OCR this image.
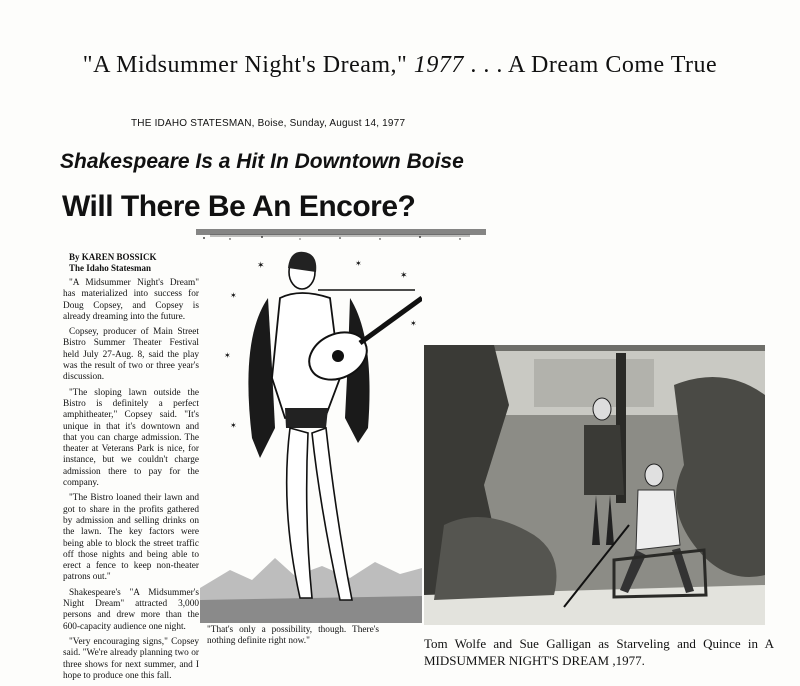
"A Midsummer Night's Dream," 1977 . . . A Dream Come True
THE IDAHO STATESMAN, Boise, Sunday, August 14, 1977
Shakespeare Is a Hit In Downtown Boise
Will There Be An Encore?
By KAREN BOSSICK
The Idaho Statesman

"A Midsummer Night's Dream" has materialized into success for Doug Copsey, and Copsey is already dreaming into the future.

Copsey, producer of Main Street Bistro Summer Theater Festival held July 27-Aug. 8, said the play was the result of two or three year's discussion.

"The sloping lawn outside the Bistro is definitely a perfect amphitheater," Copsey said. "It's unique in that it's downtown and that you can charge admission. The theater at Veterans Park is nice, for instance, but we couldn't charge admission there to pay for the company.

"The Bistro loaned their lawn and got to share in the profits gathered by admission and selling drinks on the lawn. The key factors were being able to block the street traffic off those nights and being able to erect a fence to keep non-theater patrons out."

Shakespeare's "A Midsummer's Night Dream" attracted 3,000 persons and drew more than the 600-capacity audience one night.

"Very encouraging signs," Copsey said. "We're already planning two or three shows for next summer, and I hope to produce one this fall.

✶
✶
✶
✶
✶
✶
✶
"That's only a possibility, though. There's nothing definite right now."	Tom Wolfe and Sue Galligan as Starveling and Quince in A MIDSUMMER NIGHT'S DREAM ,1977.
